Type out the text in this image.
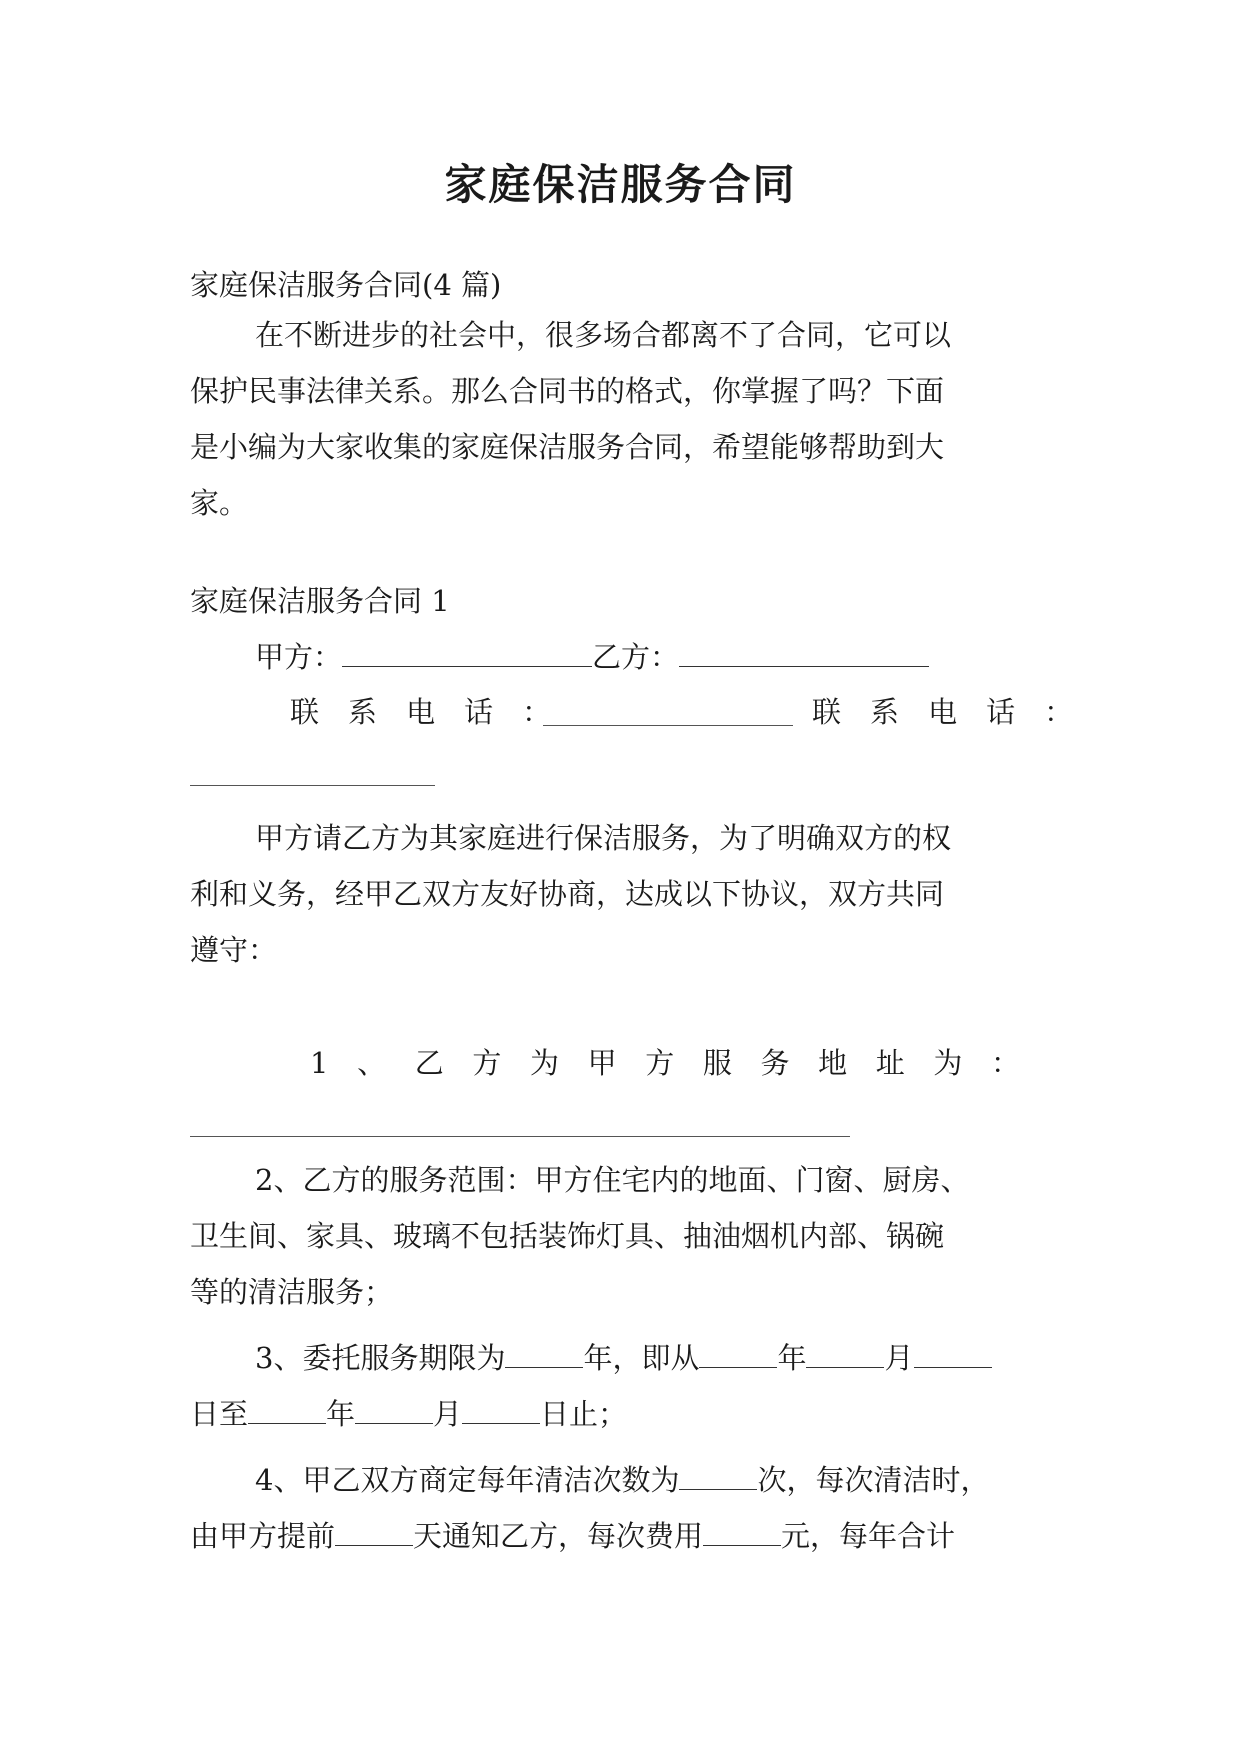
家庭保洁服务合同
家庭保洁服务合同(4 篇)
在不断进步的社会中，很多场合都离不了合同，它可以
保护民事法律关系。那么合同书的格式，你掌握了吗？下面
是小编为大家收集的家庭保洁服务合同，希望能够帮助到大
家。
家庭保洁服务合同 1
甲方：	乙方：
联　 系　 电　 话　 ：	联　 系　 电　 话　 ：
甲方请乙方为其家庭进行保洁服务，为了明确双方的权
利和义务，经甲乙双方友好协商，达成以下协议，双方共同
遵守：
1 、 乙 方 为 甲 方 服 务 地 址 为 ：
2、乙方的服务范围：甲方住宅内的地面、门窗、厨房、
卫生间、家具、玻璃不包括装饰灯具、抽油烟机内部、锅碗
等的清洁服务；
3、委托服务期限为	年，即从	年	月
日至	年	月	日止；
4、甲乙双方商定每年清洁次数为	次，每次清洁时，
由甲方提前	天通知乙方，每次费用	元，每年合计
